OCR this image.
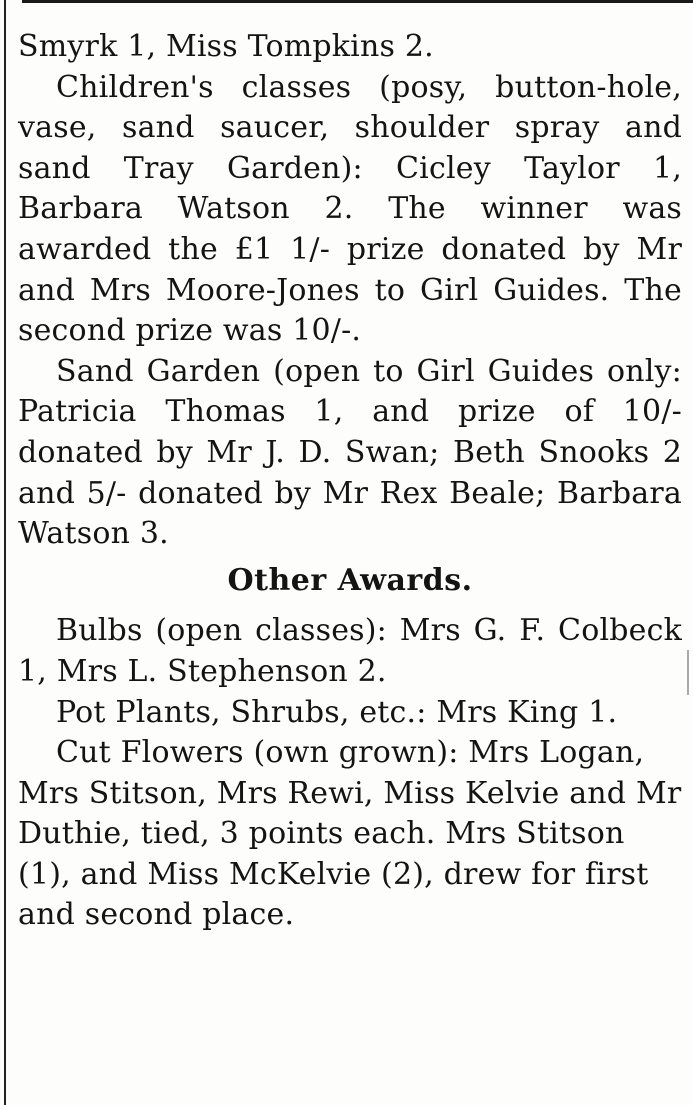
Smyrk 1, Miss Tompkins 2.

Children's classes (posy, button-hole, vase, sand saucer, shoulder spray and sand Tray Garden): Cicley Taylor 1, Barbara Watson 2. The winner was awarded the £1 1/- prize donated by Mr and Mrs Moore-Jones to Girl Guides. The second prize was 10/-.

Sand Garden (open to Girl Guides only: Patricia Thomas 1, and prize of 10/- donated by Mr J. D. Swan; Beth Snooks 2 and 5/- donated by Mr Rex Beale; Barbara Watson 3.

Other Awards.

Bulbs (open classes): Mrs G. F. Colbeck 1, Mrs L. Stephenson 2.

Pot Plants, Shrubs, etc.: Mrs King 1.

Cut Flowers (own grown): Mrs Logan, Mrs Stitson, Mrs Rewi, Miss Kelvie and Mr Duthie, tied, 3 points each. Mrs Stitson (1), and Miss McKelvie (2), drew for first and second place.
